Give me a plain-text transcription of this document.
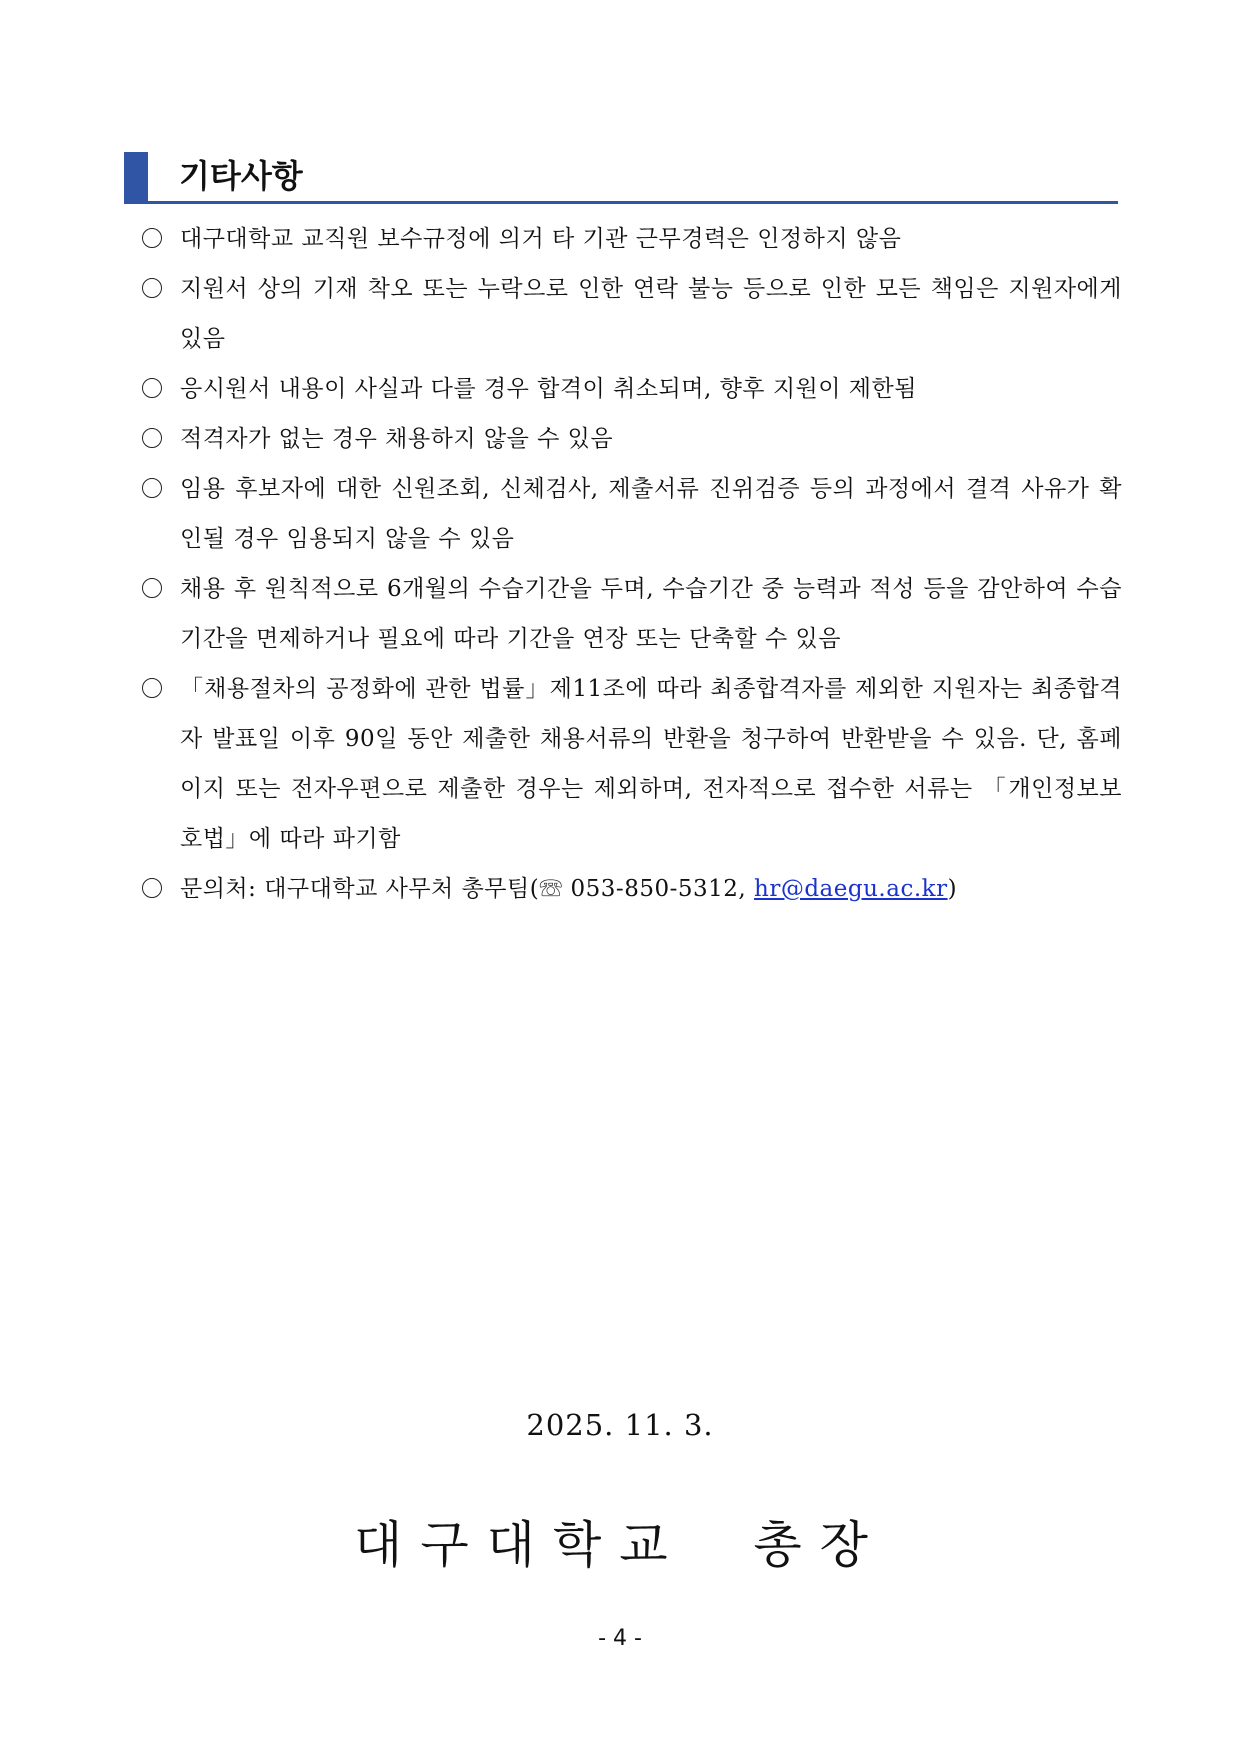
기타사항
대구대학교 교직원 보수규정에 의거 타 기관 근무경력은 인정하지 않음
지원서 상의 기재 착오 또는 누락으로 인한 연락 불능 등으로 인한 모든 책임은 지원자에게 있음
응시원서 내용이 사실과 다를 경우 합격이 취소되며, 향후 지원이 제한됨
적격자가 없는 경우 채용하지 않을 수 있음
임용 후보자에 대한 신원조회, 신체검사, 제출서류 진위검증 등의 과정에서 결격 사유가 확인될 경우 임용되지 않을 수 있음
채용 후 원칙적으로 6개월의 수습기간을 두며, 수습기간 중 능력과 적성 등을 감안하여 수습기간을 면제하거나 필요에 따라 기간을 연장 또는 단축할 수 있음
「채용절차의 공정화에 관한 법률」제11조에 따라 최종합격자를 제외한 지원자는 최종합격자 발표일 이후 90일 동안 제출한 채용서류의 반환을 청구하여 반환받을 수 있음. 단, 홈페이지 또는 전자우편으로 제출한 경우는 제외하며, 전자적으로 접수한 서류는 「개인정보보호법」에 따라 파기함
문의처: 대구대학교 사무처 총무팀(☏ 053-850-5312, hr@daegu.ac.kr)
2025. 11. 3.
대구대학교  총장
- 4 -
